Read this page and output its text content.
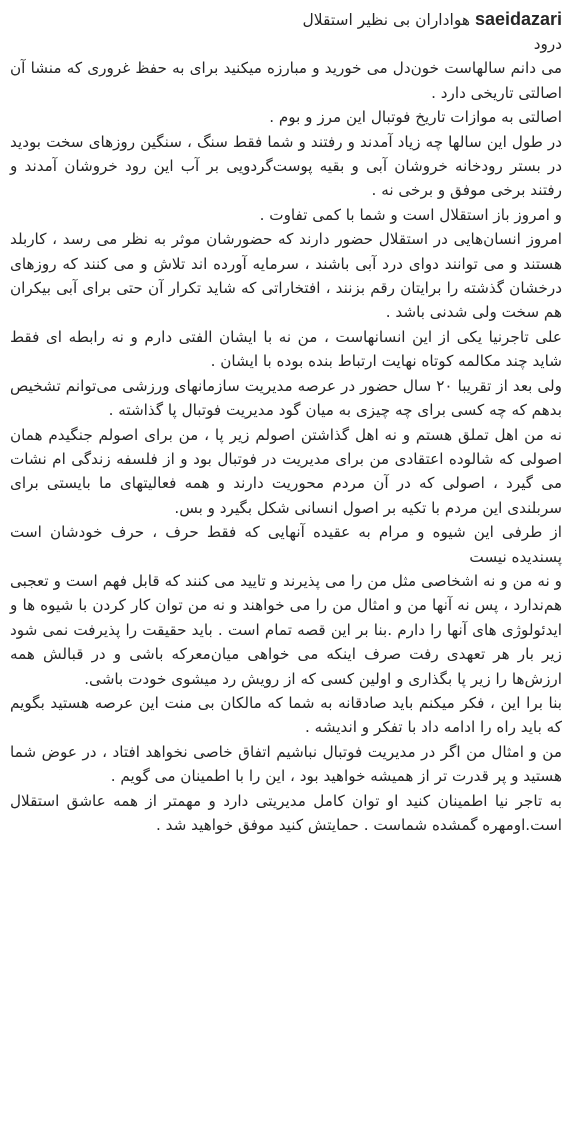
saeidazari هواداران بی نظیر استقلال

درود

می دانم سالهاست خون‌دل می خورید و مبارزه میکنید برای به حفظ غروری که منشا آن اصالتی تاریخی دارد .

اصالتی به موازات تاریخ فوتبال این مرز و بوم .

در طول این سالها چه زیاد آمدند و رفتند و شما فقط سنگ ، سنگین روزهای سخت بودید در بستر رودخانه خروشان آبی و بقیه پوست‌گردویی بر آب این رود خروشان آمدند و رفتند برخی موفق و برخی نه .

و امروز باز استقلال است و شما با کمی تفاوت .

امروز انسان‌هایی در استقلال حضور دارند که حضورشان موثر به نظر می رسد ، کاربلد هستند و می توانند دوای درد آبی باشند ، سرمایه آورده اند تلاش و می کنند که روزهای درخشان گذشته را برایتان رقم بزنند ، افتخاراتی که شاید تکرار آن حتی برای آبی بیکران هم سخت ولی شدنی باشد .

علی تاجرنیا یکی از این انسانهاست ، من نه با ایشان الفتی دارم و نه رابطه ای فقط شاید چند مکالمه کوتاه نهایت ارتباط بنده بوده با ایشان .

ولی بعد از تقریبا ۲۰ سال حضور در عرصه مدیریت سازمانهای ورزشی می‌توانم تشخیص بدهم که چه کسی برای چه چیزی به میان گود مدیریت فوتبال پا گذاشته .

نه من اهل تملق هستم و نه اهل گذاشتن اصولم زیر پا ، من برای اصولم جنگیدم همان اصولی که شالوده اعتقادی من برای مدیریت در فوتبال بود و از فلسفه زندگی ام نشات می گیرد ، اصولی که در آن مردم محوریت دارند و همه فعالیتهای ما بایستی برای سربلندی این مردم با تکیه بر اصول انسانی شکل بگیرد و بس.

از طرفی این شیوه و مرام به عقیده آنهایی که فقط حرف ، حرف خودشان است پسندیده نیست

و نه من و نه اشخاصی مثل من را می پذیرند و تایید می کنند که قابل فهم است و تعجبی هم‌ندارد ، پس نه آنها من و امثال من را می خواهند و نه من توان کار کردن با شیوه ها و ایدئولوژی های آنها را دارم .بنا بر این قصه تمام است . باید حقیقت را پذیرفت نمی شود زیر بار هر تعهدی رفت صرف اینکه می خواهی میان‌معرکه باشی و در قبالش همه ارزش‌ها را زیر پا بگذاری و اولین کسی که از رویش رد میشوی خودت باشی.

بنا برا این ، فکر میکنم باید صادقانه به شما که مالکان بی منت این عرصه هستید بگویم که باید راه را ادامه داد با تفکر و اندیشه .

من و امثال من اگر در مدیریت فوتبال نباشیم اتفاق خاصی نخواهد افتاد ، در عوض شما هستید و پر قدرت تر از همیشه خواهید بود ، این را با اطمینان می گویم .

به تاجر نیا اطمینان کنید او توان کامل مدیریتی دارد و مهمتر از همه عاشق استقلال است.اومهره گمشده شماست . حمایتش کنید موفق خواهید شد .
